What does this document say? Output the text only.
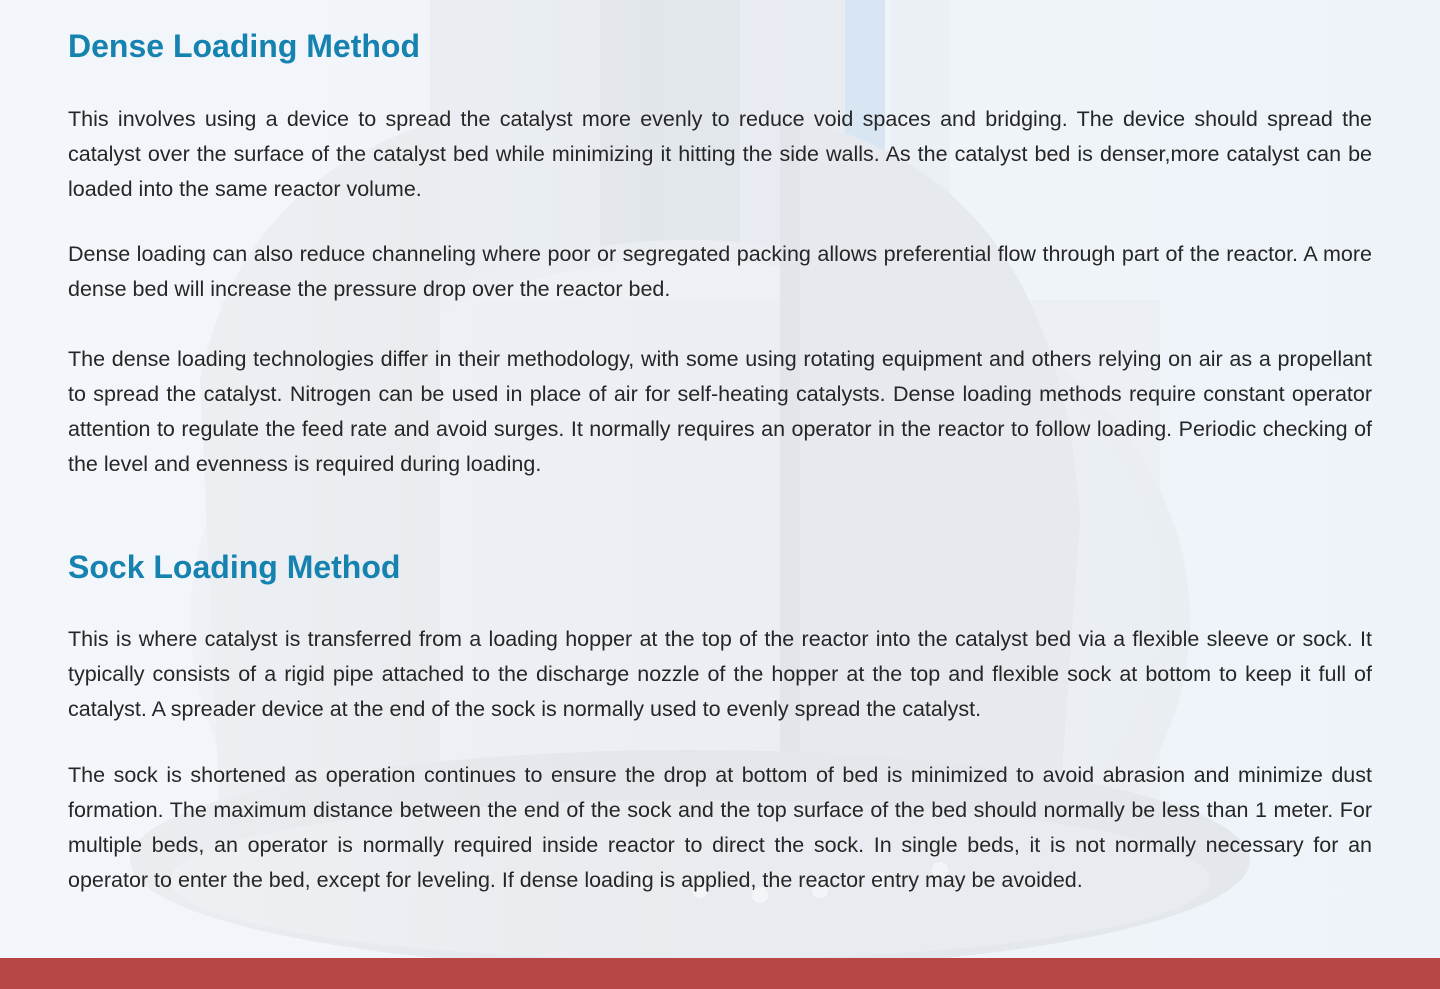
Dense Loading Method

This involves using a device to spread the catalyst more evenly to reduce void spaces and bridging. The device should spread the catalyst over the surface of the catalyst bed while minimizing it hitting the side walls. As the catalyst bed is denser,more catalyst can be loaded into the same reactor volume.

Dense loading can also reduce channeling where poor or segregated packing allows preferential flow through part of the reactor. A more dense bed will increase the pressure drop over the reactor bed.

The dense loading technologies differ in their methodology, with some using rotating equipment and others relying on air as a propellant to spread the catalyst. Nitrogen can be used in place of air for self-heating catalysts. Dense loading methods require constant operator attention to regulate the feed rate and avoid surges. It normally requires an operator in the reactor to follow loading. Periodic checking of the level and evenness is required during loading.

Sock Loading Method

This is where catalyst is transferred from a loading hopper at the top of the reactor into the catalyst bed via a flexible sleeve or sock. It typically consists of a rigid pipe attached to the discharge nozzle of the hopper at the top and flexible sock at bottom to keep it full of catalyst. A spreader device at the end of the sock is normally used to evenly spread the catalyst.

The sock is shortened as operation continues to ensure the drop at bottom of bed is minimized to avoid abrasion and minimize dust formation. The maximum distance between the end of the sock and the top surface of the bed should normally be less than 1 meter. For multiple beds, an operator is normally required inside reactor to direct the sock. In single beds, it is not normally necessary for an operator to enter the bed, except for leveling. If dense loading is applied, the reactor entry may be avoided.
